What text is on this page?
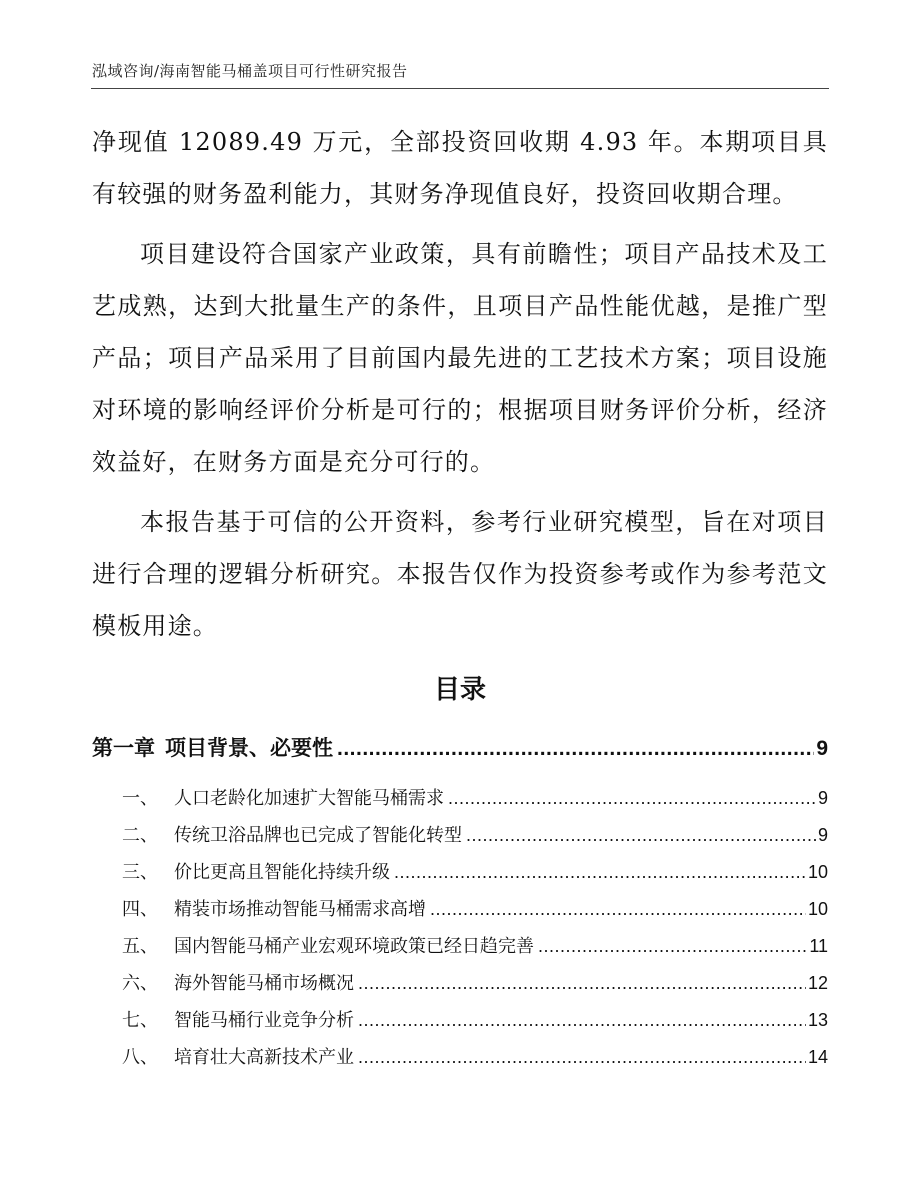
泓域咨询/海南智能马桶盖项目可行性研究报告

净现值 12089.49 万元，全部投资回收期 4.93 年。本期项目具有较强的财务盈利能力，其财务净现值良好，投资回收期合理。

项目建设符合国家产业政策，具有前瞻性；项目产品技术及工艺成熟，达到大批量生产的条件，且项目产品性能优越，是推广型产品；项目产品采用了目前国内最先进的工艺技术方案；项目设施对环境的影响经评价分析是可行的；根据项目财务评价分析，经济效益好，在财务方面是充分可行的。

本报告基于可信的公开资料，参考行业研究模型，旨在对项目进行合理的逻辑分析研究。本报告仅作为投资参考或作为参考范文模板用途。

目录
第一章 项目背景、必要性 .....	9
一、 人口老龄化加速扩大智能马桶需求 .....	9
二、 传统卫浴品牌也已完成了智能化转型 .....	9
三、 价比更高且智能化持续升级 .....	10
四、 精装市场推动智能马桶需求高增 .....	10
五、 国内智能马桶产业宏观环境政策已经日趋完善 .....	11
六、 海外智能马桶市场概况 .....	12
七、 智能马桶行业竞争分析 .....	13
八、 培育壮大高新技术产业 .....	14
